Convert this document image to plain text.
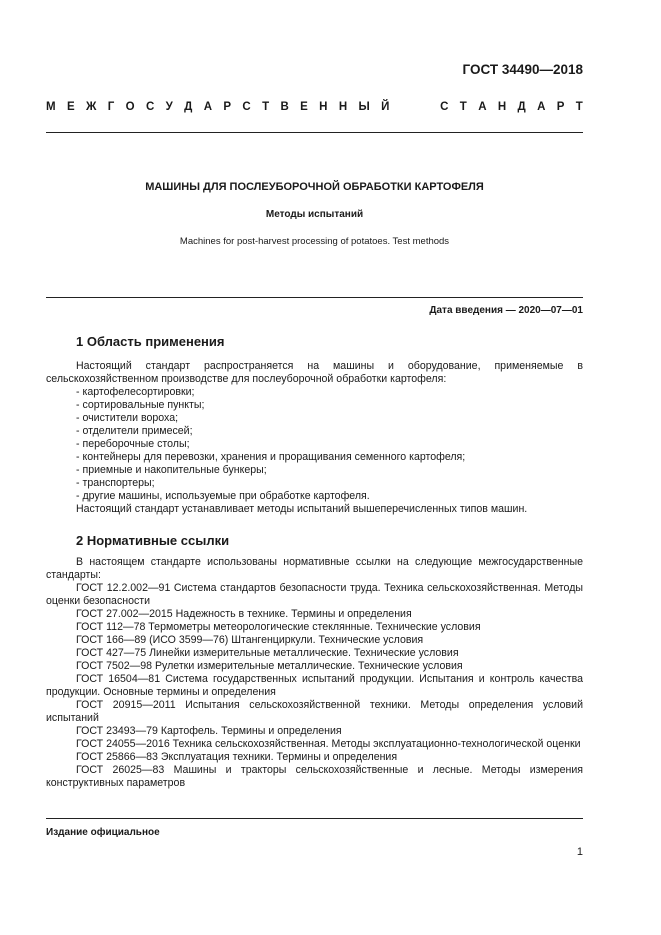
ГОСТ 34490—2018
М Е Ж Г О С У Д А Р С Т В Е Н Н Ы Й	С Т А Н Д А Р Т
МАШИНЫ ДЛЯ ПОСЛЕУБОРОЧНОЙ ОБРАБОТКИ КАРТОФЕЛЯ
Методы испытаний
Machines for post-harvest processing of potatoes. Test methods
Дата введения — 2020—07—01
1 Область применения

Настоящий стандарт распространяется на машины и оборудование, применяемые в сельскохозяйственном производстве для послеуборочной обработки картофеля:

- картофелесортировки;

- сортировальные пункты;

- очистители вороха;

- отделители примесей;

- переборочные столы;

- контейнеры для перевозки, хранения и проращивания семенного картофеля;

- приемные и накопительные бункеры;

- транспортеры;

- другие машины, используемые при обработке картофеля.

Настоящий стандарт устанавливает методы испытаний вышеперечисленных типов машин.

2 Нормативные ссылки

В настоящем стандарте использованы нормативные ссылки на следующие межгосударственные стандарты:

ГОСТ 12.2.002—91 Система стандартов безопасности труда. Техника сельскохозяйственная. Методы оценки безопасности

ГОСТ 27.002—2015 Надежность в технике. Термины и определения

ГОСТ 112—78 Термометры метеорологические стеклянные. Технические условия

ГОСТ 166—89 (ИСО 3599—76) Штангенциркули. Технические условия

ГОСТ 427—75 Линейки измерительные металлические. Технические условия

ГОСТ 7502—98 Рулетки измерительные металлические. Технические условия

ГОСТ 16504—81 Система государственных испытаний продукции. Испытания и контроль качества продукции. Основные термины и определения

ГОСТ 20915—2011 Испытания сельскохозяйственной техники. Методы определения условий испытаний

ГОСТ 23493—79 Картофель. Термины и определения

ГОСТ 24055—2016 Техника сельскохозяйственная. Методы эксплуатационно-технологической оценки

ГОСТ 25866—83 Эксплуатация техники. Термины и определения

ГОСТ 26025—83 Машины и тракторы сельскохозяйственные и лесные. Методы измерения конструктивных параметров

Издание официальное
1
